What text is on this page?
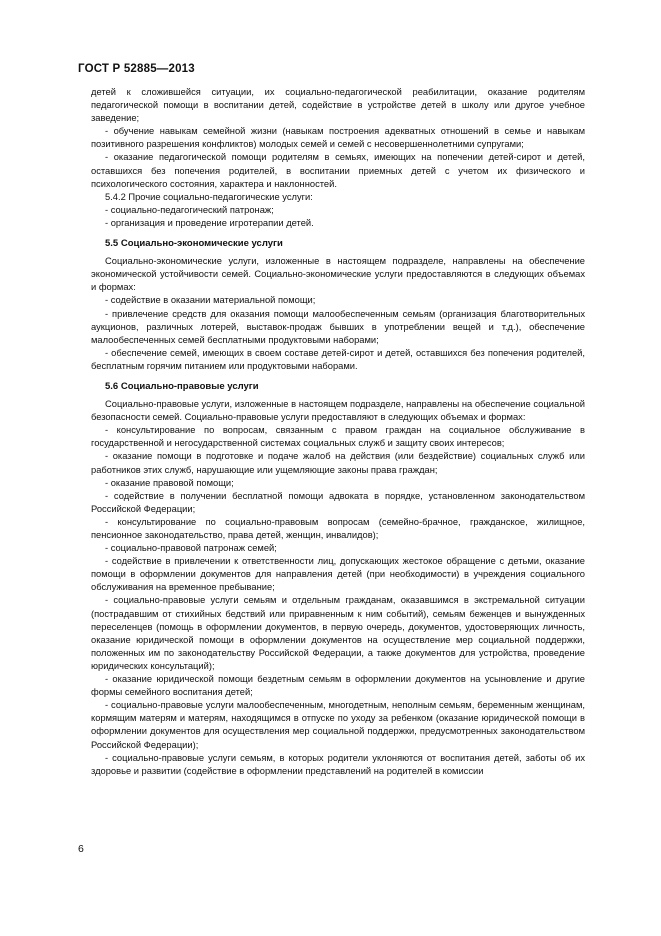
ГОСТ Р 52885—2013

детей к сложившейся ситуации, их социально-педагогической реабилитации, оказание родителям педагогической помощи в воспитании детей, содействие в устройстве детей в школу или другое учебное заведение;

- обучение навыкам семейной жизни (навыкам построения адекватных отношений в семье и навыкам позитивного разрешения конфликтов) молодых семей и семей с несовершеннолетними супругами;

- оказание педагогической помощи родителям в семьях, имеющих на попечении детей-сирот и детей, оставшихся без попечения родителей, в воспитании приемных детей с учетом их физического и психологического состояния, характера и наклонностей.

5.4.2 Прочие социально-педагогические услуги:

- социально-педагогический патронаж;

- организация и проведение игротерапии детей.

5.5 Социально-экономические услуги

Социально-экономические услуги, изложенные в настоящем подразделе, направлены на обеспечение экономической устойчивости семей. Социально-экономические услуги предоставляются в следующих объемах и формах:

- содействие в оказании материальной помощи;

- привлечение средств для оказания помощи малообеспеченным семьям (организация благотворительных аукционов, различных лотерей, выставок-продаж бывших в употреблении вещей и т.д.), обеспечение малообеспеченных семей бесплатными продуктовыми наборами;

- обеспечение семей, имеющих в своем составе детей-сирот и детей, оставшихся без попечения родителей, бесплатным горячим питанием или продуктовыми наборами.

5.6 Социально-правовые услуги

Социально-правовые услуги, изложенные в настоящем подразделе, направлены на обеспечение социальной безопасности семей. Социально-правовые услуги предоставляют в следующих объемах и формах:

- консультирование по вопросам, связанным с правом граждан на социальное обслуживание в государственной и негосударственной системах социальных служб и защиту своих интересов;

- оказание помощи в подготовке и подаче жалоб на действия (или бездействие) социальных служб или работников этих служб, нарушающие или ущемляющие законы права граждан;

- оказание правовой помощи;

- содействие в получении бесплатной помощи адвоката в порядке, установленном законодательством Российской Федерации;

- консультирование по социально-правовым вопросам (семейно-брачное, гражданское, жилищное, пенсионное законодательство, права детей, женщин, инвалидов);

- социально-правовой патронаж семей;

- содействие в привлечении к ответственности лиц, допускающих жестокое обращение с детьми, оказание помощи в оформлении документов для направления детей (при необходимости) в учреждения социального обслуживания на временное пребывание;

- социально-правовые услуги семьям и отдельным гражданам, оказавшимся в экстремальной ситуации (пострадавшим от стихийных бедствий или приравненным к ним событий), семьям беженцев и вынужденных переселенцев (помощь в оформлении документов, в первую очередь, документов, удостоверяющих личность, оказание юридической помощи в оформлении документов на осуществление мер социальной поддержки, положенных им по законодательству Российской Федерации, а также документов для устройства, проведение юридических консультаций);

- оказание юридической помощи бездетным семьям в оформлении документов на усыновление и другие формы семейного воспитания детей;

- социально-правовые услуги малообеспеченным, многодетным, неполным семьям, беременным женщинам, кормящим матерям и матерям, находящимся в отпуске по уходу за ребенком (оказание юридической помощи в оформлении документов для осуществления мер социальной поддержки, предусмотренных законодательством Российской Федерации);

- социально-правовые услуги семьям, в которых родители уклоняются от воспитания детей, заботы об их здоровье и развитии (содействие в оформлении представлений на родителей в комиссии

6
